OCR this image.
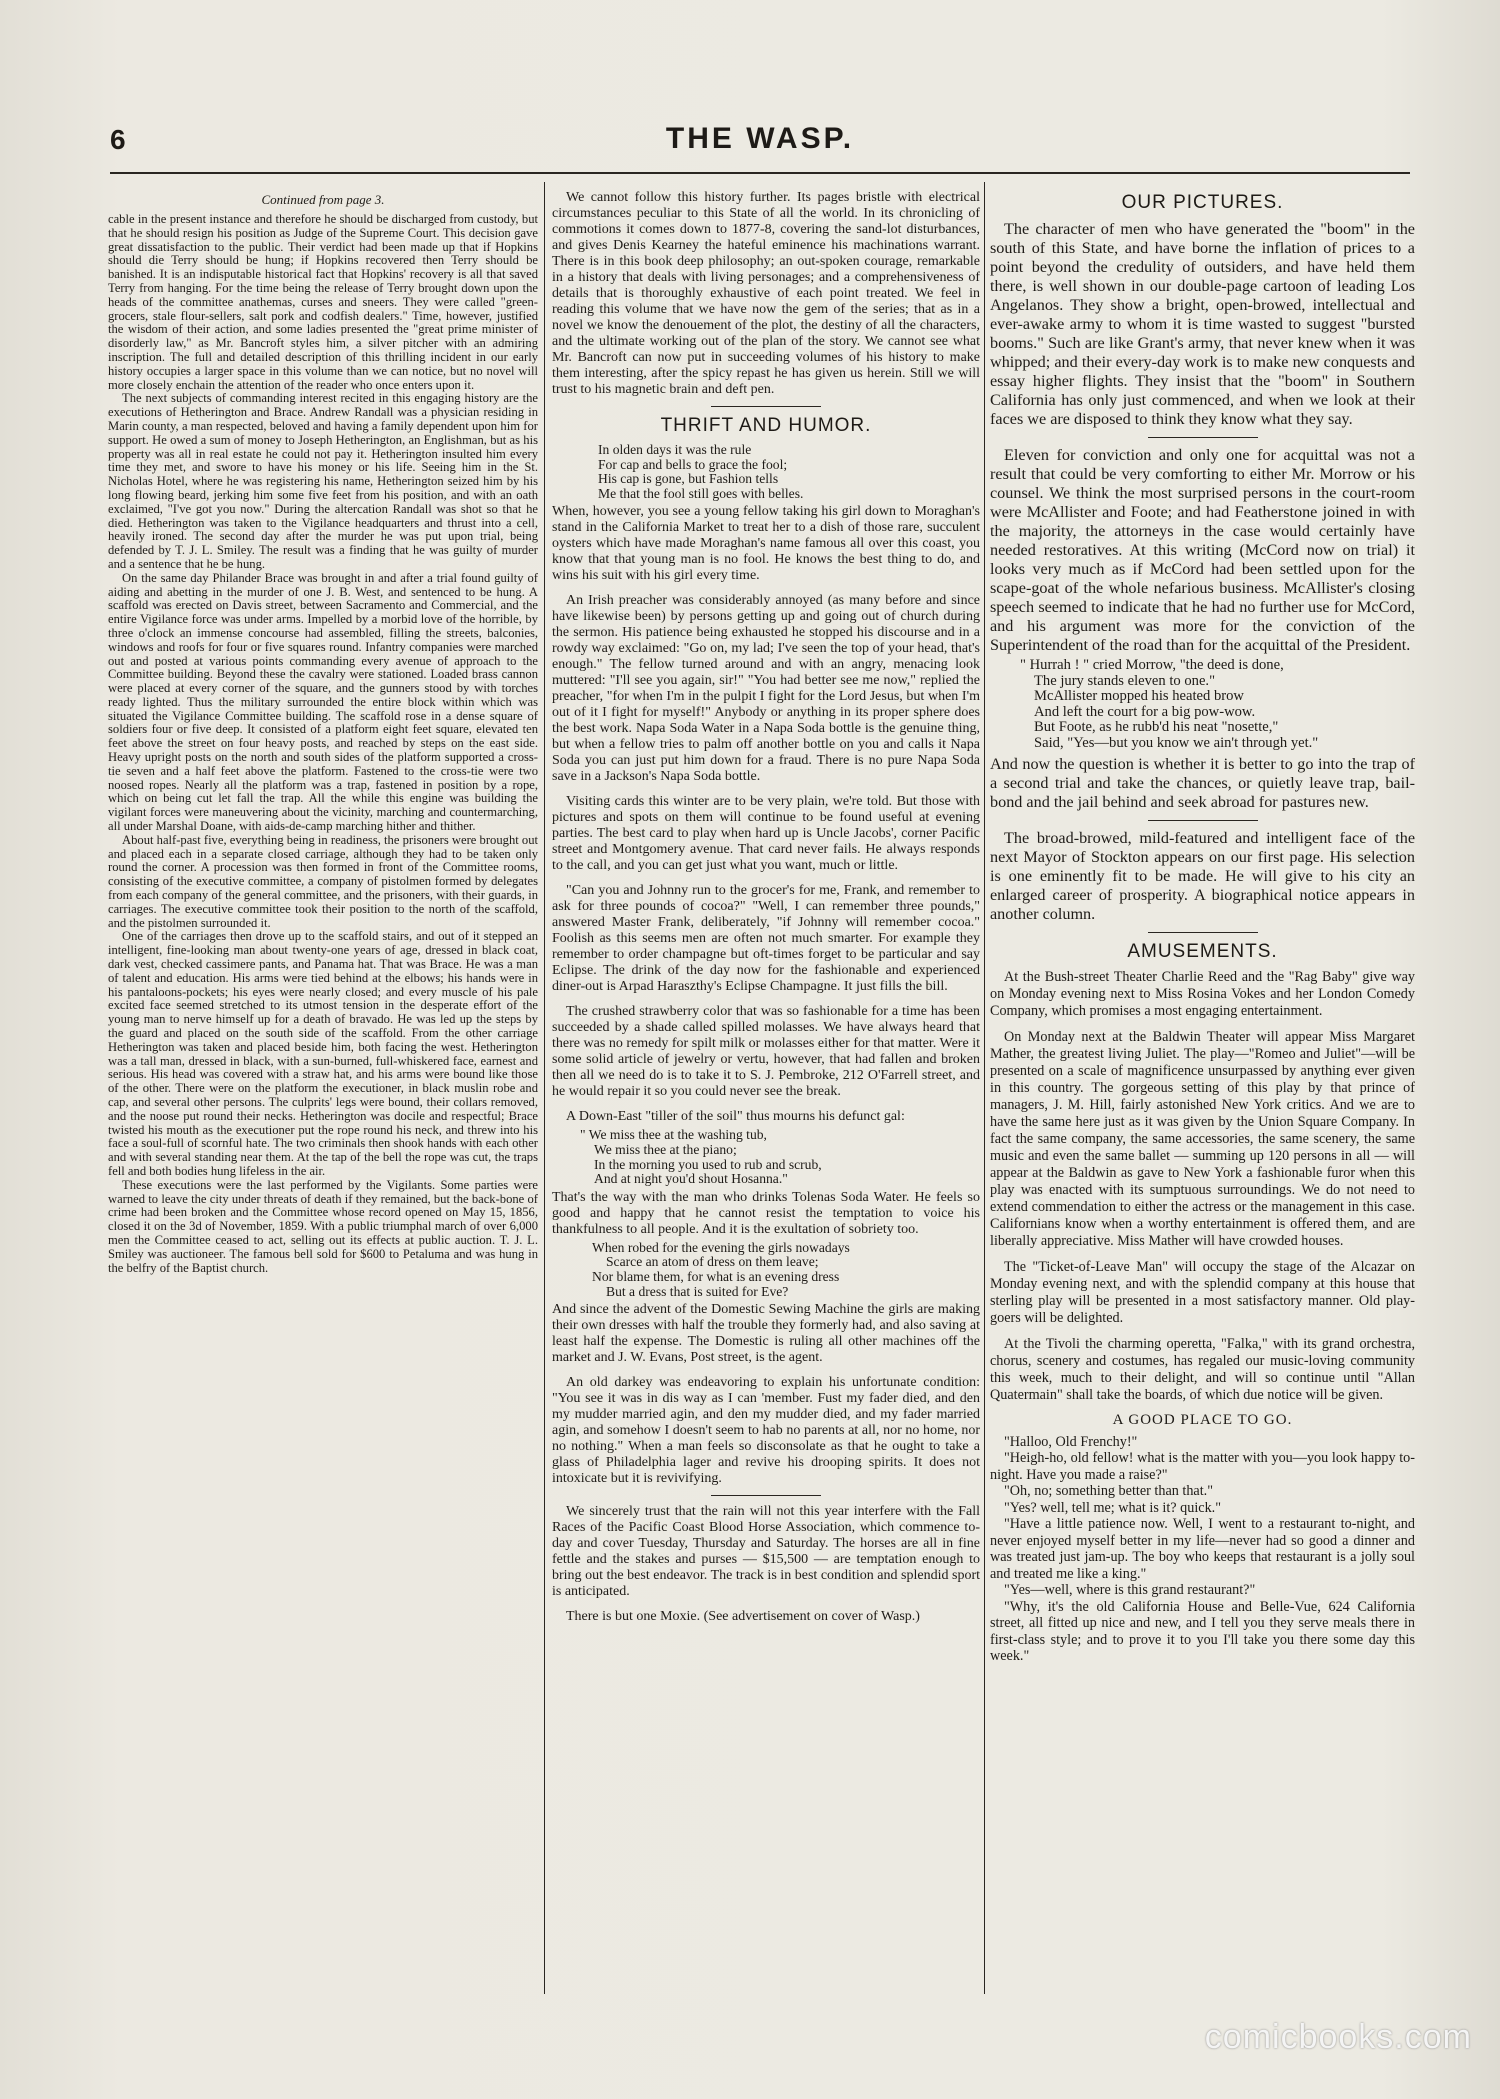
6	THE WASP.
Continued from page 3.

cable in the present instance and therefore he should be discharged from custody, but that he should resign his position as Judge of the Supreme Court. This decision gave great dissatisfaction to the public. Their verdict had been made up that if Hopkins should die Terry should be hung; if Hopkins recovered then Terry should be banished. It is an indisputable historical fact that Hopkins' recovery is all that saved Terry from hanging. For the time being the release of Terry brought down upon the heads of the committee anathemas, curses and sneers. They were called "green-grocers, stale flour-sellers, salt pork and codfish dealers." Time, however, justified the wisdom of their action, and some ladies presented the "great prime minister of disorderly law," as Mr. Bancroft styles him, a silver pitcher with an admiring inscription. The full and detailed description of this thrilling incident in our early history occupies a larger space in this volume than we can notice, but no novel will more closely enchain the attention of the reader who once enters upon it.

The next subjects of commanding interest recited in this engaging history are the executions of Hetherington and Brace. Andrew Randall was a physician residing in Marin county, a man respected, beloved and having a family dependent upon him for support. He owed a sum of money to Joseph Hetherington, an Englishman, but as his property was all in real estate he could not pay it. Hetherington insulted him every time they met, and swore to have his money or his life. Seeing him in the St. Nicholas Hotel, where he was registering his name, Hetherington seized him by his long flowing beard, jerking him some five feet from his position, and with an oath exclaimed, "I've got you now." During the altercation Randall was shot so that he died. Hetherington was taken to the Vigilance headquarters and thrust into a cell, heavily ironed. The second day after the murder he was put upon trial, being defended by T. J. L. Smiley. The result was a finding that he was guilty of murder and a sentence that he be hung.

On the same day Philander Brace was brought in and after a trial found guilty of aiding and abetting in the murder of one J. B. West, and sentenced to be hung. A scaffold was erected on Davis street, between Sacramento and Commercial, and the entire Vigilance force was under arms. Impelled by a morbid love of the horrible, by three o'clock an immense concourse had assembled, filling the streets, balconies, windows and roofs for four or five squares round. Infantry companies were marched out and posted at various points commanding every avenue of approach to the Committee building. Beyond these the cavalry were stationed. Loaded brass cannon were placed at every corner of the square, and the gunners stood by with torches ready lighted. Thus the military surrounded the entire block within which was situated the Vigilance Committee building. The scaffold rose in a dense square of soldiers four or five deep. It consisted of a platform eight feet square, elevated ten feet above the street on four heavy posts, and reached by steps on the east side. Heavy upright posts on the north and south sides of the platform supported a cross-tie seven and a half feet above the platform. Fastened to the cross-tie were two noosed ropes. Nearly all the platform was a trap, fastened in position by a rope, which on being cut let fall the trap. All the while this engine was building the vigilant forces were maneuvering about the vicinity, marching and countermarching, all under Marshal Doane, with aids-de-camp marching hither and thither.

About half-past five, everything being in readiness, the prisoners were brought out and placed each in a separate closed carriage, although they had to be taken only round the corner. A procession was then formed in front of the Committee rooms, consisting of the executive committee, a company of pistolmen formed by delegates from each company of the general committee, and the prisoners, with their guards, in carriages. The executive committee took their position to the north of the scaffold, and the pistolmen surrounded it.

One of the carriages then drove up to the scaffold stairs, and out of it stepped an intelligent, fine-looking man about twenty-one years of age, dressed in black coat, dark vest, checked cassimere pants, and Panama hat. That was Brace. He was a man of talent and education. His arms were tied behind at the elbows; his hands were in his pantaloons-pockets; his eyes were nearly closed; and every muscle of his pale excited face seemed stretched to its utmost tension in the desperate effort of the young man to nerve himself up for a death of bravado. He was led up the steps by the guard and placed on the south side of the scaffold. From the other carriage Hetherington was taken and placed beside him, both facing the west. Hetherington was a tall man, dressed in black, with a sun-burned, full-whiskered face, earnest and serious. His head was covered with a straw hat, and his arms were bound like those of the other. There were on the platform the executioner, in black muslin robe and cap, and several other persons. The culprits' legs were bound, their collars removed, and the noose put round their necks. Hetherington was docile and respectful; Brace twisted his mouth as the executioner put the rope round his neck, and threw into his face a soul-full of scornful hate. The two criminals then shook hands with each other and with several standing near them. At the tap of the bell the rope was cut, the traps fell and both bodies hung lifeless in the air.

These executions were the last performed by the Vigilants. Some parties were warned to leave the city under threats of death if they remained, but the back-bone of crime had been broken and the Committee whose record opened on May 15, 1856, closed it on the 3d of November, 1859. With a public triumphal march of over 6,000 men the Committee ceased to act, selling out its effects at public auction. T. J. L. Smiley was auctioneer. The famous bell sold for $600 to Petaluma and was hung in the belfry of the Baptist church.

We cannot follow this history further. Its pages bristle with electrical circumstances peculiar to this State of all the world. In its chronicling of commotions it comes down to 1877-8, covering the sand-lot disturbances, and gives Denis Kearney the hateful eminence his machinations warrant. There is in this book deep philosophy; an out-spoken courage, remarkable in a history that deals with living personages; and a comprehensiveness of details that is thoroughly exhaustive of each point treated. We feel in reading this volume that we have now the gem of the series; that as in a novel we know the denouement of the plot, the destiny of all the characters, and the ultimate working out of the plan of the story. We cannot see what Mr. Bancroft can now put in succeeding volumes of his history to make them interesting, after the spicy repast he has given us herein. Still we will trust to his magnetic brain and deft pen.

THRIFT AND HUMOR.
In olden days it was the rule
For cap and bells to grace the fool;
His cap is gone, but Fashion tells
Me that the fool still goes with belles.

When, however, you see a young fellow taking his girl down to Moraghan's stand in the California Market to treat her to a dish of those rare, succulent oysters which have made Moraghan's name famous all over this coast, you know that that young man is no fool. He knows the best thing to do, and wins his suit with his girl every time.

An Irish preacher was considerably annoyed (as many before and since have likewise been) by persons getting up and going out of church during the sermon. His patience being exhausted he stopped his discourse and in a rowdy way exclaimed: "Go on, my lad; I've seen the top of your head, that's enough." The fellow turned around and with an angry, menacing look muttered: "I'll see you again, sir!" "You had better see me now," replied the preacher, "for when I'm in the pulpit I fight for the Lord Jesus, but when I'm out of it I fight for myself!" Anybody or anything in its proper sphere does the best work. Napa Soda Water in a Napa Soda bottle is the genuine thing, but when a fellow tries to palm off another bottle on you and calls it Napa Soda you can just put him down for a fraud. There is no pure Napa Soda save in a Jackson's Napa Soda bottle.

Visiting cards this winter are to be very plain, we're told. But those with pictures and spots on them will continue to be found useful at evening parties. The best card to play when hard up is Uncle Jacobs', corner Pacific street and Montgomery avenue. That card never fails. He always responds to the call, and you can get just what you want, much or little.

"Can you and Johnny run to the grocer's for me, Frank, and remember to ask for three pounds of cocoa?" "Well, I can remember three pounds," answered Master Frank, deliberately, "if Johnny will remember cocoa." Foolish as this seems men are often not much smarter. For example they remember to order champagne but oft-times forget to be particular and say Eclipse. The drink of the day now for the fashionable and experienced diner-out is Arpad Haraszthy's Eclipse Champagne. It just fills the bill.

The crushed strawberry color that was so fashionable for a time has been succeeded by a shade called spilled molasses. We have always heard that there was no remedy for spilt milk or molasses either for that matter. Were it some solid article of jewelry or vertu, however, that had fallen and broken then all we need do is to take it to S. J. Pembroke, 212 O'Farrell street, and he would repair it so you could never see the break.

A Down-East "tiller of the soil" thus mourns his defunct gal:

" We miss thee at the washing tub,
We miss thee at the piano;
In the morning you used to rub and scrub,
And at night you'd shout Hosanna."

That's the way with the man who drinks Tolenas Soda Water. He feels so good and happy that he cannot resist the temptation to voice his thankfulness to all people. And it is the exultation of sobriety too.

When robed for the evening the girls nowadays
Scarce an atom of dress on them leave;
Nor blame them, for what is an evening dress
But a dress that is suited for Eve?

And since the advent of the Domestic Sewing Machine the girls are making their own dresses with half the trouble they formerly had, and also saving at least half the expense. The Domestic is ruling all other machines off the market and J. W. Evans, Post street, is the agent.

An old darkey was endeavoring to explain his unfortunate condition: "You see it was in dis way as I can 'member. Fust my fader died, and den my mudder married agin, and den my mudder died, and my fader married agin, and somehow I doesn't seem to hab no parents at all, nor no home, nor no nothing." When a man feels so disconsolate as that he ought to take a glass of Philadelphia lager and revive his drooping spirits. It does not intoxicate but it is revivifying.

We sincerely trust that the rain will not this year interfere with the Fall Races of the Pacific Coast Blood Horse Association, which commence to-day and cover Tuesday, Thursday and Saturday. The horses are all in fine fettle and the stakes and purses — $15,500 — are temptation enough to bring out the best endeavor. The track is in best condition and splendid sport is anticipated.

There is but one Moxie. (See advertisement on cover of Wasp.)

OUR PICTURES.

The character of men who have generated the "boom" in the south of this State, and have borne the inflation of prices to a point beyond the credulity of outsiders, and have held them there, is well shown in our double-page cartoon of leading Los Angelanos. They show a bright, open-browed, intellectual and ever-awake army to whom it is time wasted to suggest "bursted booms." Such are like Grant's army, that never knew when it was whipped; and their every-day work is to make new conquests and essay higher flights. They insist that the "boom" in Southern California has only just commenced, and when we look at their faces we are disposed to think they know what they say.

Eleven for conviction and only one for acquittal was not a result that could be very comforting to either Mr. Morrow or his counsel. We think the most surprised persons in the court-room were McAllister and Foote; and had Featherstone joined in with the majority, the attorneys in the case would certainly have needed restoratives. At this writing (McCord now on trial) it looks very much as if McCord had been settled upon for the scape-goat of the whole nefarious business. McAllister's closing speech seemed to indicate that he had no further use for McCord, and his argument was more for the conviction of the Superintendent of the road than for the acquittal of the President.

" Hurrah ! " cried Morrow, "the deed is done,
The jury stands eleven to one."
McAllister mopped his heated brow
And left the court for a big pow-wow.
But Foote, as he rubb'd his neat "nosette,"
Said, "Yes—but you know we ain't through yet."

And now the question is whether it is better to go into the trap of a second trial and take the chances, or quietly leave trap, bail-bond and the jail behind and seek abroad for pastures new.

The broad-browed, mild-featured and intelligent face of the next Mayor of Stockton appears on our first page. His selection is one eminently fit to be made. He will give to his city an enlarged career of prosperity. A biographical notice appears in another column.

AMUSEMENTS.

At the Bush-street Theater Charlie Reed and the "Rag Baby" give way on Monday evening next to Miss Rosina Vokes and her London Comedy Company, which promises a most engaging entertainment.

On Monday next at the Baldwin Theater will appear Miss Margaret Mather, the greatest living Juliet. The play—"Romeo and Juliet"—will be presented on a scale of magnificence unsurpassed by anything ever given in this country. The gorgeous setting of this play by that prince of managers, J. M. Hill, fairly astonished New York critics. And we are to have the same here just as it was given by the Union Square Company. In fact the same company, the same accessories, the same scenery, the same music and even the same ballet — summing up 120 persons in all — will appear at the Baldwin as gave to New York a fashionable furor when this play was enacted with its sumptuous surroundings. We do not need to extend commendation to either the actress or the management in this case. Californians know when a worthy entertainment is offered them, and are liberally appreciative. Miss Mather will have crowded houses.

The "Ticket-of-Leave Man" will occupy the stage of the Alcazar on Monday evening next, and with the splendid company at this house that sterling play will be presented in a most satisfactory manner. Old play-goers will be delighted.

At the Tivoli the charming operetta, "Falka," with its grand orchestra, chorus, scenery and costumes, has regaled our music-loving community this week, much to their delight, and will so continue until "Allan Quatermain" shall take the boards, of which due notice will be given.

A GOOD PLACE TO GO.

"Halloo, Old Frenchy!"

"Heigh-ho, old fellow! what is the matter with you—you look happy to-night. Have you made a raise?"

"Oh, no; something better than that."

"Yes? well, tell me; what is it? quick."

"Have a little patience now. Well, I went to a restaurant to-night, and never enjoyed myself better in my life—never had so good a dinner and was treated just jam-up. The boy who keeps that restaurant is a jolly soul and treated me like a king."

"Yes—well, where is this grand restaurant?"

"Why, it's the old California House and Belle-Vue, 624 California street, all fitted up nice and new, and I tell you they serve meals there in first-class style; and to prove it to you I'll take you there some day this week."

comicbooks.com
